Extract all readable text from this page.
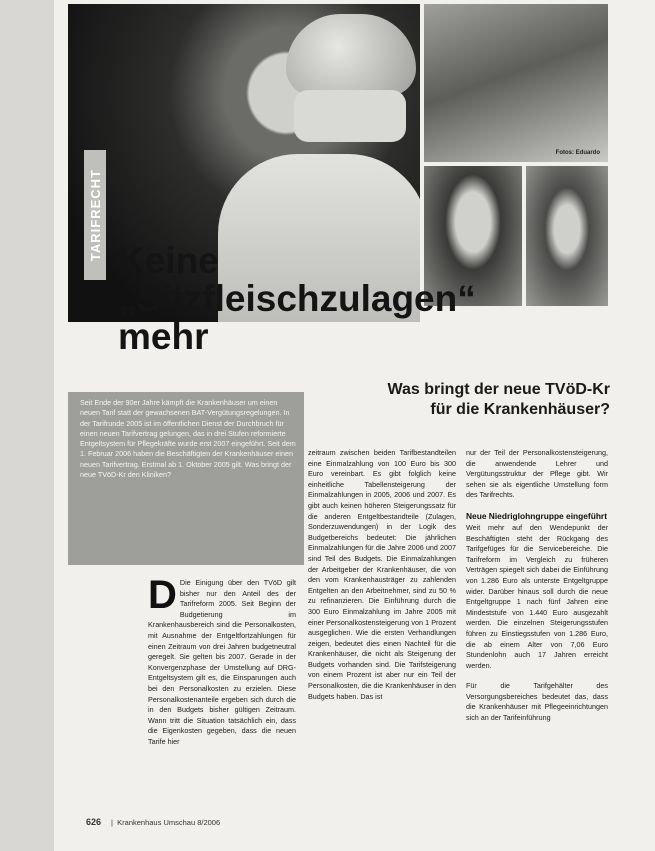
Fotos: Eduardo
TARIFRECHT Keine
„Sitzfleischzulagen“
mehr
Was bringt der neue TVöD-Kr
für die Krankenhäuser?
Seit Ende der 90er Jahre kämpft die Krankenhäuser um einen neuen Tarif statt der gewachsenen BAT-Vergütungsregelungen. In der Tarifrunde 2005 ist im öffentlichen Dienst der Durchbruch für einen neuen Tarifvertrag gelungen, das in drei Stufen reformierte Entgeltsystem für Pflegekräfte wurde erst 2007 eingeführt. Seit dem 1. Februar 2006 haben die Beschäftigten der Krankenhäuser einen neuen Tarifvertrag. Erstmal ab 1. Oktober 2005 gilt. Was bringt der neue TVöD-Kr den Kliniken?
D Die Einigung über den TVöD gilt bisher nur den Anteil des der Tarifreform 2005. Seit Beginn der Budgetierung im Krankenhausbereich sind die Personalkosten, mit Ausnahme der Entgeltfortzahlungen für einen Zeitraum von drei Jahren budgetneutral geregelt. Sie gelten bis 2007. Gerade in der Konvergenzphase der Umstellung auf DRG-Entgeltsystem gilt es, die Einsparungen auch bei den Personalkosten zu erzielen. Diese Personalkostenanteile ergeben sich durch die in den Budgets bisher gültigen Zeitraum. Wann tritt die Situation tatsächlich ein, dass die Eigenkosten gegeben, dass die neuen Tarife hier
zeitraum zwischen beiden Tarifbestandteilen eine Einmalzahlung von 100 Euro bis 300 Euro vereinbart. Es gibt folglich keine einheitliche Tabellensteigerung der Einmalzahlungen in 2005, 2006 und 2007. Es gibt auch keinen höheren Steigerungssatz für die anderen Entgeltbestandteile (Zulagen, Sonderzuwendungen) in der Logik des Budgetbereichs bedeutet: Die jährlichen Einmalzahlungen für die Jahre 2006 und 2007 sind Teil des Budgets. Die Einmalzahlungen der Arbeitgeber der Krankenhäuser, die von den vom Krankenhausträger zu zahlenden Entgelten an den Arbeitnehmer, sind zu 50 % zu refinanzieren. Die Einführung durch die 300 Euro Einmalzahlung im Jahre 2005 mit einer Personalkostensteigerung von 1 Prozent ausgeglichen. Wie die ersten Verhandlungen zeigen, bedeutet dies einen Nachteil für die Krankenhäuser, die nicht als Steigerung der Budgets vorhanden sind. Die Tarifsteigerung von einem Prozent ist aber nur ein Teil der Personalkosten, die die Krankenhäuser in den Budgets haben. Das ist

nur der Teil der Personalkostensteigerung, die anwendende Lehrer und Vergütungsstruktur der Pflege gibt. Wir sehen sie als eigentliche Umstellung form des Tarifrechts.

Neue Niedriglohngruppe eingeführt

Weit mehr auf den Wendepunkt der Beschäftigten steht der Rückgang des Tarifgefüges für die Servicebereiche. Die Tarifreform im Vergleich zu früheren Verträgen spiegelt sich dabei die Einführung von 1.286 Euro als unterste Entgeltgruppe wider. Darüber hinaus soll durch die neue Entgeltgruppe 1 nach fünf Jahren eine Mindeststufe von 1.440 Euro ausgezahlt werden. Die einzelnen Steigerungsstufen führen zu Einstiegsstufen von 1.286 Euro, die ab einem Alter von 7,06 Euro Stundenlohn auch 17 Jahren erreicht werden.

Für die Tarifgehälter des Versorgungsbereiches bedeutet das, dass die Krankenhäuser mit Pflegeeinrichtungen sich an der Tarifeinführung

626 |  Krankenhaus Umschau 8/2006
